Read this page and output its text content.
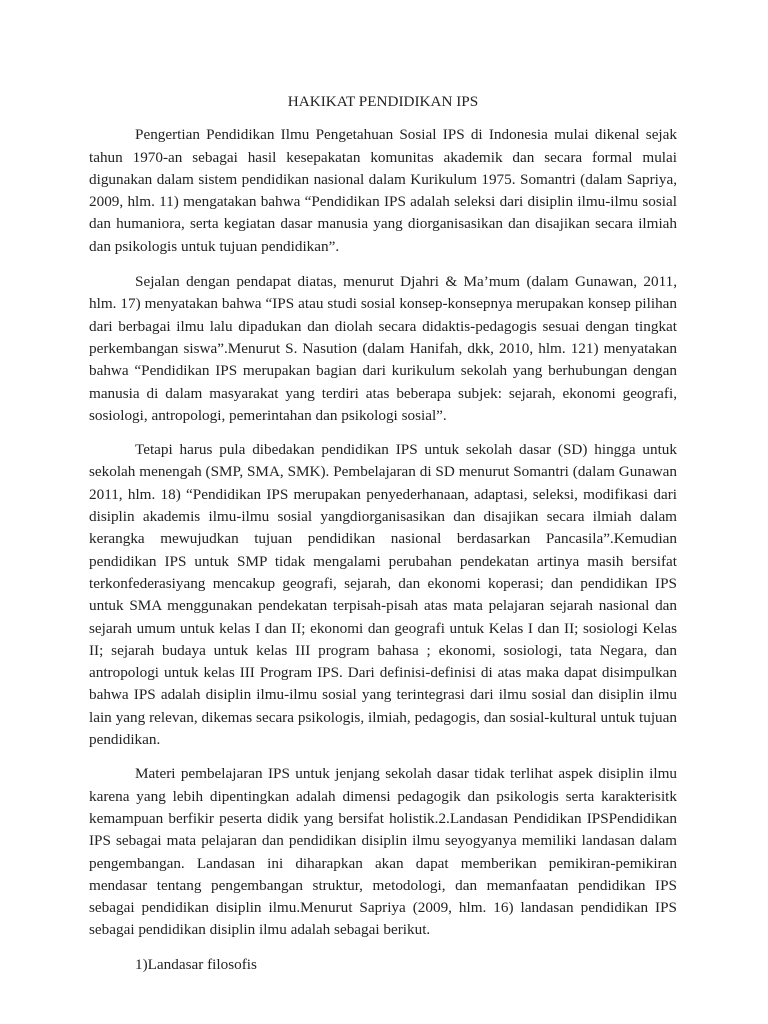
HAKIKAT PENDIDIKAN IPS

Pengertian Pendidikan Ilmu Pengetahuan Sosial IPS di Indonesia mulai dikenal sejak tahun 1970-an sebagai hasil kesepakatan komunitas akademik dan secara formal mulai digunakan dalam sistem pendidikan nasional dalam Kurikulum 1975. Somantri (dalam Sapriya, 2009, hlm. 11) mengatakan bahwa “Pendidikan IPS adalah seleksi dari disiplin ilmu-ilmu sosial dan humaniora, serta kegiatan dasar manusia yang diorganisasikan dan disajikan secara ilmiah dan psikologis untuk tujuan pendidikan”.

Sejalan dengan pendapat diatas, menurut Djahri & Ma’mum (dalam Gunawan, 2011, hlm. 17) menyatakan bahwa “IPS atau studi sosial konsep-konsepnya merupakan konsep pilihan dari berbagai ilmu lalu dipadukan dan diolah secara didaktis-pedagogis sesuai dengan tingkat perkembangan siswa”.Menurut S. Nasution (dalam Hanifah, dkk, 2010, hlm. 121) menyatakan bahwa “Pendidikan IPS merupakan bagian dari kurikulum sekolah yang berhubungan dengan manusia di dalam masyarakat yang terdiri atas beberapa subjek: sejarah, ekonomi geografi, sosiologi, antropologi, pemerintahan dan psikologi sosial”.

Tetapi harus pula dibedakan pendidikan IPS untuk sekolah dasar (SD) hingga untuk sekolah menengah (SMP, SMA, SMK). Pembelajaran di SD menurut Somantri (dalam Gunawan 2011, hlm. 18) “Pendidikan IPS merupakan penyederhanaan, adaptasi, seleksi, modifikasi dari disiplin akademis ilmu-ilmu sosial yangdiorganisasikan dan disajikan secara ilmiah dalam kerangka mewujudkan tujuan pendidikan nasional berdasarkan Pancasila”.Kemudian pendidikan IPS untuk SMP tidak mengalami perubahan pendekatan artinya masih bersifat terkonfederasiyang mencakup geografi, sejarah, dan ekonomi koperasi; dan pendidikan IPS untuk SMA menggunakan pendekatan terpisah-pisah atas mata pelajaran sejarah nasional dan sejarah umum untuk kelas I dan II; ekonomi dan geografi untuk Kelas I dan II; sosiologi Kelas II; sejarah budaya untuk kelas III program bahasa ; ekonomi, sosiologi, tata Negara, dan antropologi untuk kelas III Program IPS. Dari definisi-definisi di atas maka dapat disimpulkan bahwa IPS adalah disiplin ilmu-ilmu sosial yang terintegrasi dari ilmu sosial dan disiplin ilmu lain yang relevan, dikemas secara psikologis, ilmiah, pedagogis, dan sosial-kultural untuk tujuan pendidikan.

Materi pembelajaran IPS untuk jenjang sekolah dasar tidak terlihat aspek disiplin ilmu karena yang lebih dipentingkan adalah dimensi pedagogik dan psikologis serta karakterisitk kemampuan berfikir peserta didik yang bersifat holistik.2.Landasan Pendidikan IPSPendidikan IPS sebagai mata pelajaran dan pendidikan disiplin ilmu seyogyanya memiliki landasan dalam pengembangan. Landasan ini diharapkan akan dapat memberikan pemikiran-pemikiran mendasar tentang pengembangan struktur, metodologi, dan memanfaatan pendidikan IPS sebagai pendidikan disiplin ilmu.Menurut Sapriya (2009, hlm. 16) landasan pendidikan IPS sebagai pendidikan disiplin ilmu adalah sebagai berikut.

1)Landasar filosofis
